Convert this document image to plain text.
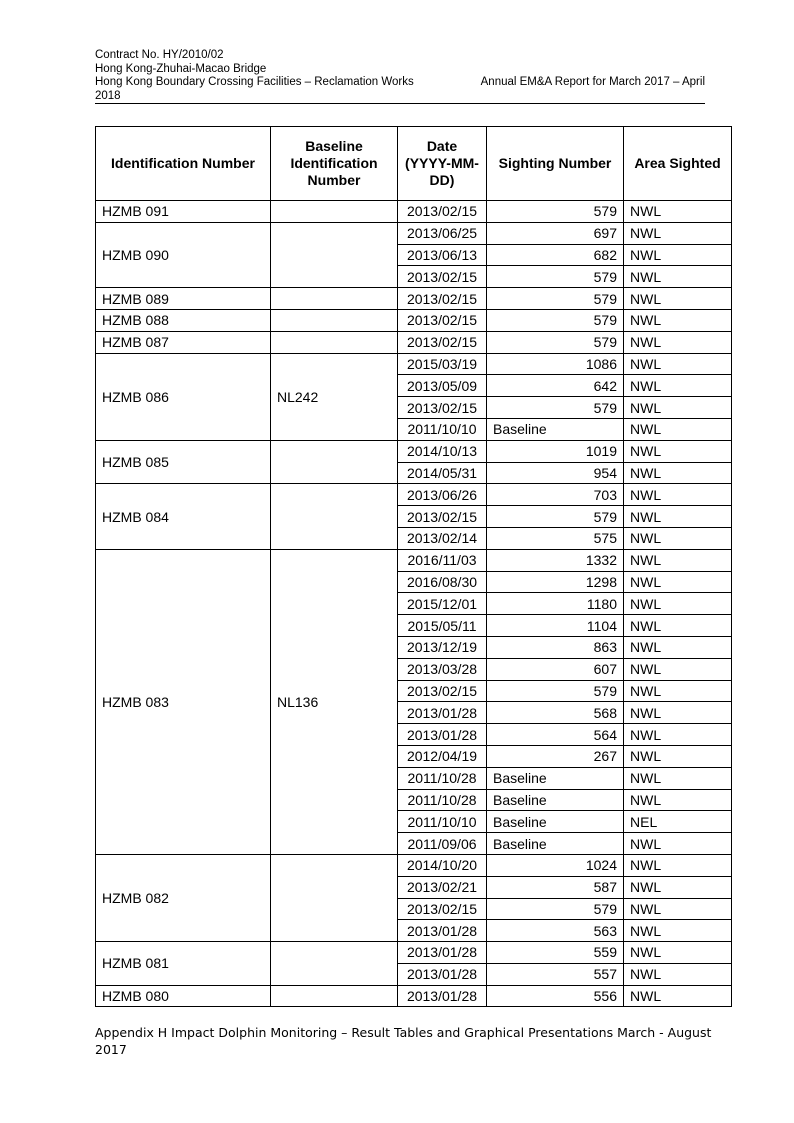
Contract No. HY/2010/02
Hong Kong-Zhuhai-Macao Bridge
Hong Kong Boundary Crossing Facilities – Reclamation Works	Annual EM&A Report for March 2017 – April
2018
Identification Number	Baseline Identification Number	Date (YYYY-MM-DD)	Sighting Number	Area Sighted
HZMB 091		2013/02/15	579	NWL
HZMB 090		2013/06/25	697	NWL
		2013/06/13	682	NWL
		2013/02/15	579	NWL
HZMB 089		2013/02/15	579	NWL
HZMB 088		2013/02/15	579	NWL
HZMB 087		2013/02/15	579	NWL
HZMB 086	NL242	2015/03/19	1086	NWL
		2013/05/09	642	NWL
		2013/02/15	579	NWL
		2011/10/10	Baseline	NWL
HZMB 085		2014/10/13	1019	NWL
		2014/05/31	954	NWL
HZMB 084		2013/06/26	703	NWL
		2013/02/15	579	NWL
		2013/02/14	575	NWL
HZMB 083	NL136	2016/11/03	1332	NWL
		2016/08/30	1298	NWL
		2015/12/01	1180	NWL
		2015/05/11	1104	NWL
		2013/12/19	863	NWL
		2013/03/28	607	NWL
		2013/02/15	579	NWL
		2013/01/28	568	NWL
		2013/01/28	564	NWL
		2012/04/19	267	NWL
		2011/10/28	Baseline	NWL
		2011/10/28	Baseline	NWL
		2011/10/10	Baseline	NEL
		2011/09/06	Baseline	NWL
HZMB 082		2014/10/20	1024	NWL
		2013/02/21	587	NWL
		2013/02/15	579	NWL
		2013/01/28	563	NWL
HZMB 081		2013/01/28	559	NWL
		2013/01/28	557	NWL
HZMB 080		2013/01/28	556	NWL
Appendix H Impact Dolphin Monitoring – Result Tables and Graphical Presentations March - August 2017
